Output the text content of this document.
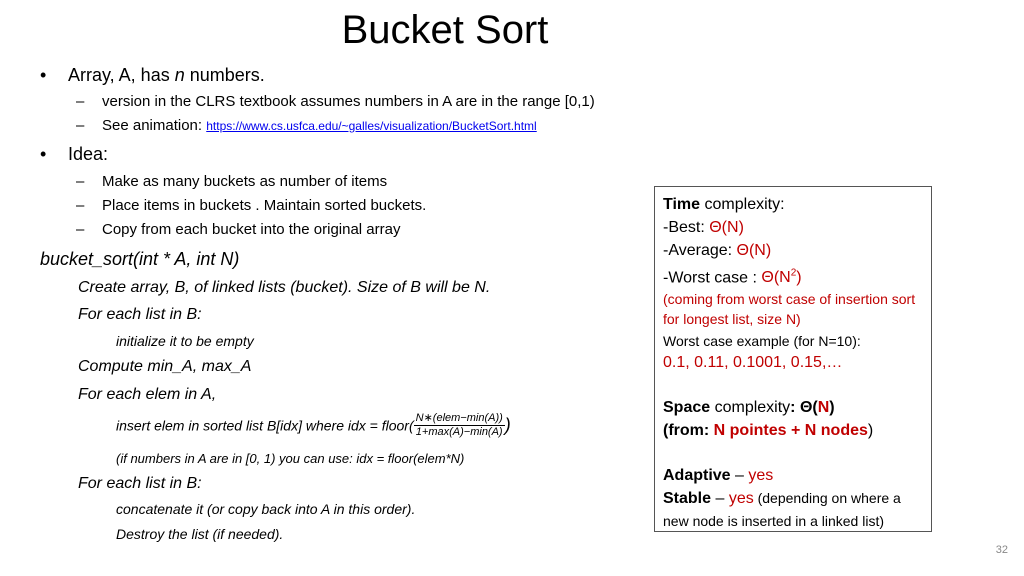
Bucket Sort
• Array, A, has n numbers.
– version in the CLRS textbook assumes numbers in A are in the range [0,1)
– See animation: https://www.cs.usfca.edu/~galles/visualization/BucketSort.html
• Idea:
– Make as many buckets as number of items
– Place items in buckets . Maintain sorted buckets.
– Copy from each bucket into the original array
bucket_sort(int * A, int N)
Create array, B, of linked lists (bucket). Size of B will be N.
For each list in B:
initialize it to be empty
Compute min_A, max_A
For each elem in A,
insert elem in sorted list B[idx] where idx = floor( $\frac{\text{N∗(elem−min(A))}}{1+\max(A)-\min(A)}$ )
(if numbers in A are in [0, 1) you can use: idx = floor(elem*N)
For each list in B:
concatenate it (or copy back into A in this order).
Destroy the list (if needed).
Time complexity:
-Best: Θ(N)
-Average: Θ(N)
-Worst case : $\Theta(N^2)$
(coming from worst case of insertion sort for longest list, size N)
Worst case example (for N=10):
0.1, 0.11, 0.1001, 0.15,…
Space complexity: Θ(N)
(from: N pointes + N nodes)
Adaptive – yes
Stable – yes (depending on where a new node is inserted in a linked list)
32
